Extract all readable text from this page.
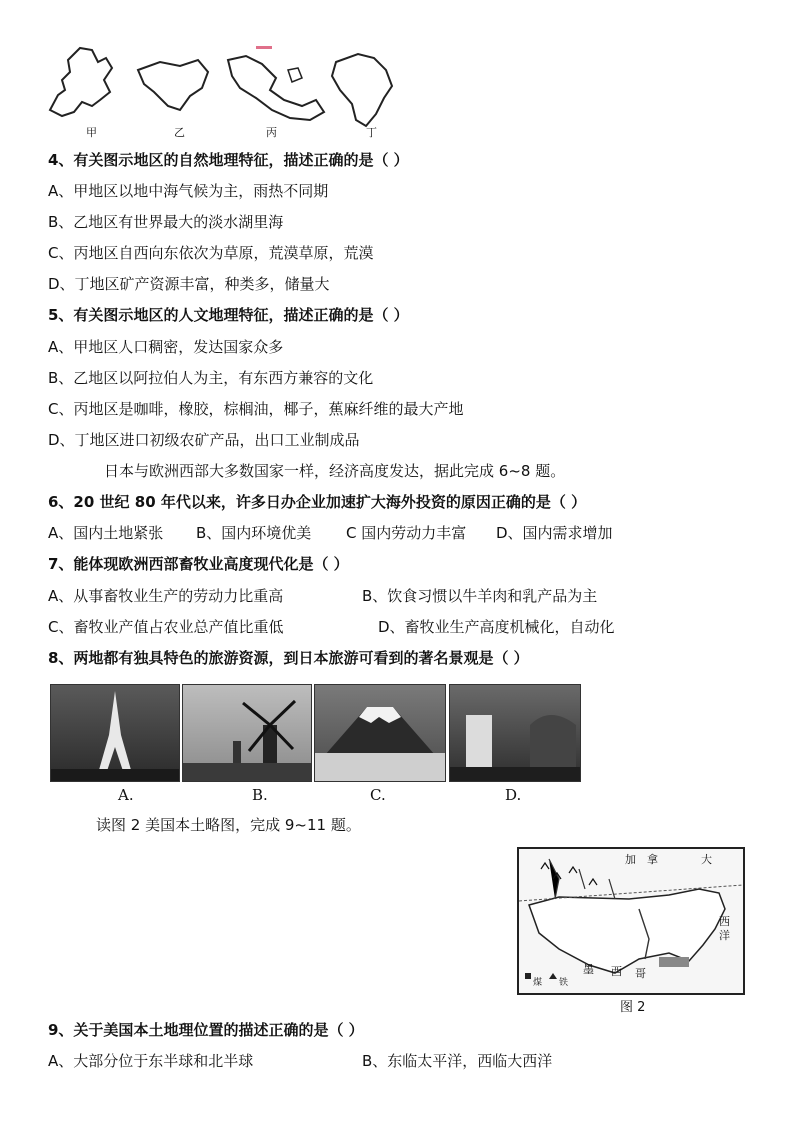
甲	乙	丙	丁
4、有关图示地区的自然地理特征，描述正确的是（ ）
A、甲地区以地中海气候为主，雨热不同期
B、乙地区有世界最大的淡水湖里海
C、丙地区自西向东依次为草原，荒漠草原，荒漠
D、丁地区矿产资源丰富，种类多，储量大
5、有关图示地区的人文地理特征，描述正确的是（ ）
A、甲地区人口稠密，发达国家众多
B、乙地区以阿拉伯人为主，有东西方兼容的文化
C、丙地区是咖啡，橡胶，棕榈油，椰子，蕉麻纤维的最大产地
D、丁地区进口初级农矿产品，出口工业制成品
日本与欧洲西部大多数国家一样，经济高度发达，据此完成 6~8 题。
6、20 世纪 80 年代以来，许多日办企业加速扩大海外投资的原因正确的是（ ）
A、国内土地紧张 B、国内环境优美 C 国内劳动力丰富 D、国内需求增加
7、能体现欧洲西部畜牧业高度现代化是（ ）
A、从事畜牧业生产的劳动力比重高	B、饮食习惯以牛羊肉和乳产品为主
C、畜牧业产值占农业总产值比重低	D、畜牧业生产高度机械化，自动化
8、两地都有独具特色的旅游资源，到日本旅游可看到的著名景观是（ ）
A.	B.	C.	D.
读图 2 美国本土略图，完成 9~11 题。
加 拿	大
西
洋
墨 西 哥
煤 铁
图 2
9、关于美国本土地理位置的描述正确的是（ ）
A、大部分位于东半球和北半球	B、东临太平洋，西临大西洋
